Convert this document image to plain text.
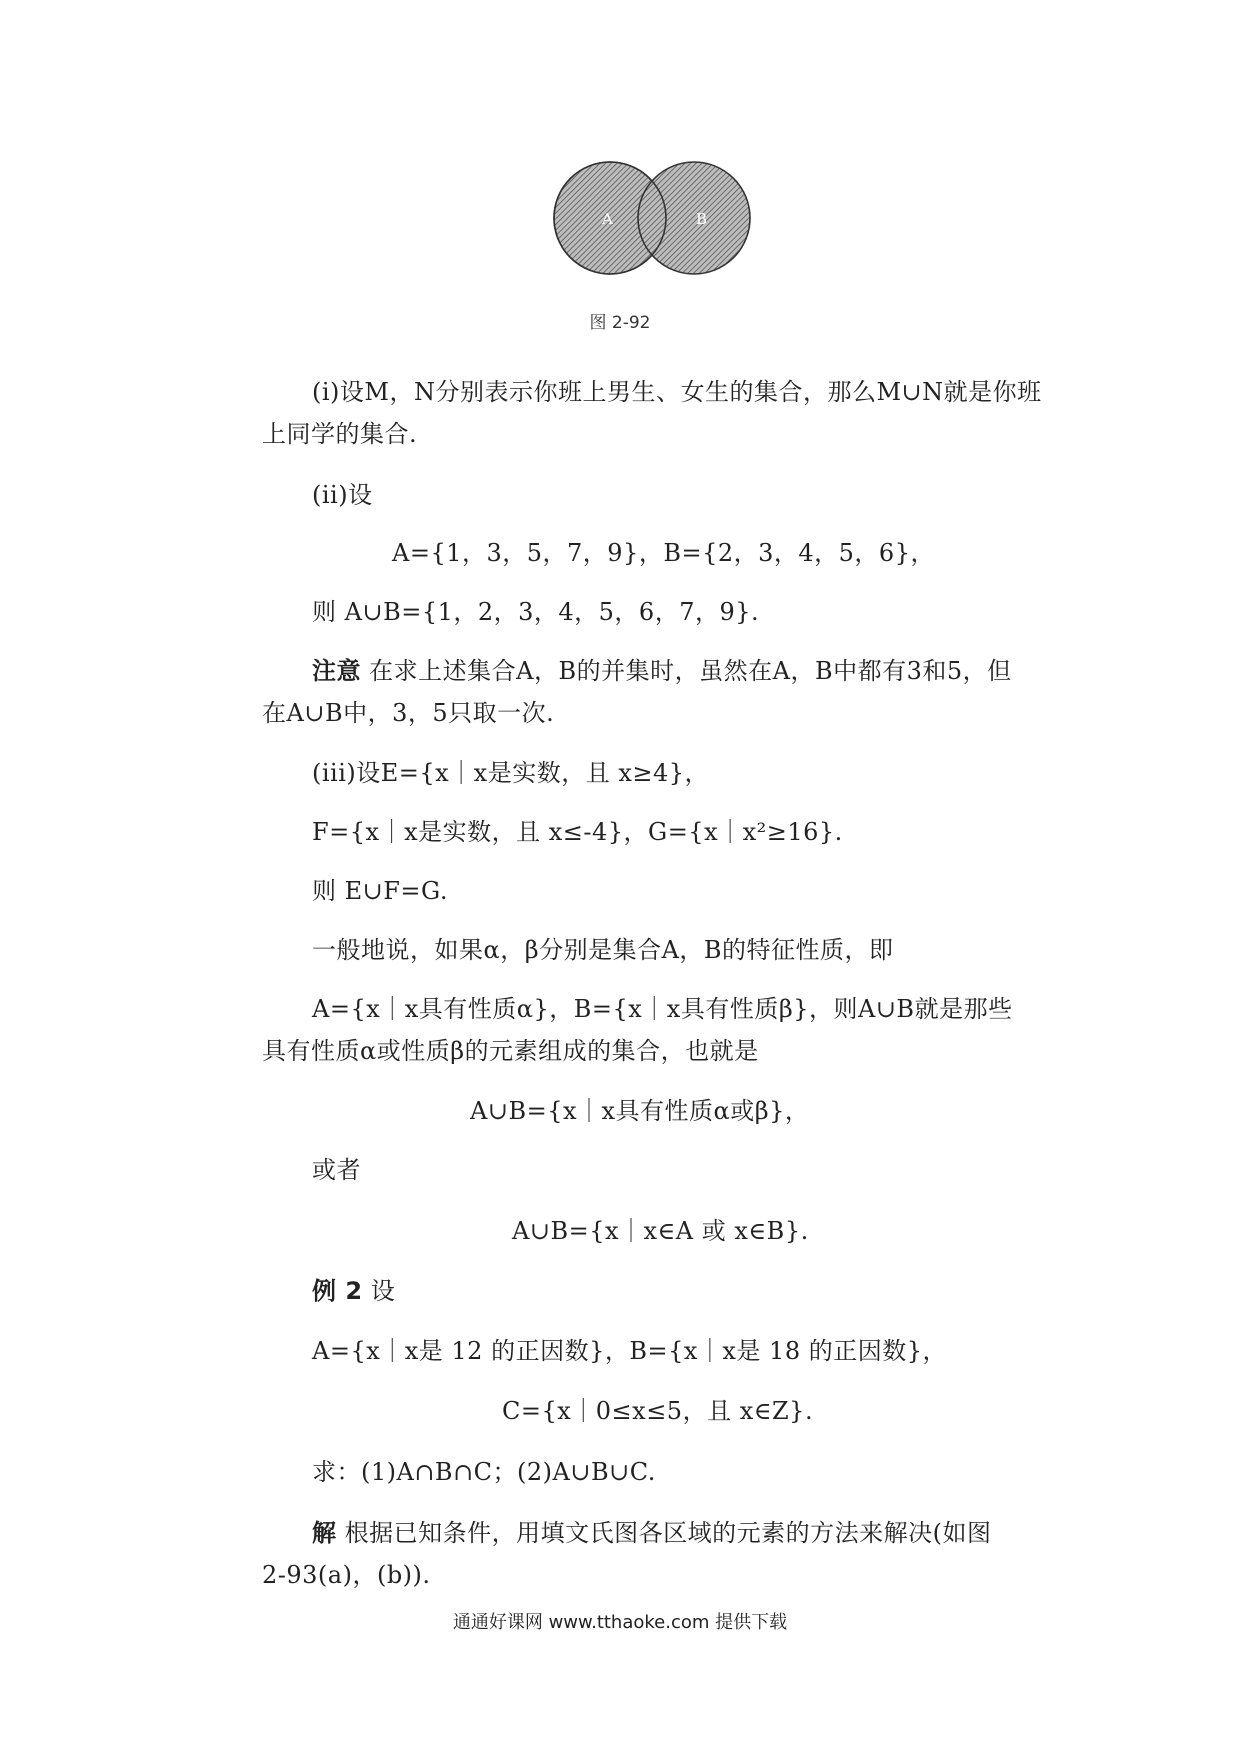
A	B
图 2-92
(i)设M，N分别表示你班上男生、女生的集合，那么M∪N就是你班
上同学的集合.
(ii)设
A={1，3，5，7，9}，B={2，3，4，5，6}，
则 A∪B={1，2，3，4，5，6，7，9}.
注意 在求上述集合A，B的并集时，虽然在A，B中都有3和5，但
在A∪B中，3，5只取一次.
(iii)设E={x｜x是实数，且 x≥4}，
F={x｜x是实数，且 x≤-4}，G={x｜x²≥16}.
则 E∪F=G.
一般地说，如果α，β分别是集合A，B的特征性质，即
A={x｜x具有性质α}，B={x｜x具有性质β}，则A∪B就是那些
具有性质α或性质β的元素组成的集合，也就是
A∪B={x｜x具有性质α或β}，
或者
A∪B={x｜x∈A 或 x∈B}.
例 2 设
A={x｜x是 12 的正因数}，B={x｜x是 18 的正因数}，
C={x｜0≤x≤5，且 x∈Z}.
求：(1)A∩B∩C；(2)A∪B∪C.
解 根据已知条件，用填文氏图各区域的元素的方法来解决(如图
2-93(a)，(b)).
通通好课网 www.tthaoke.com 提供下载
